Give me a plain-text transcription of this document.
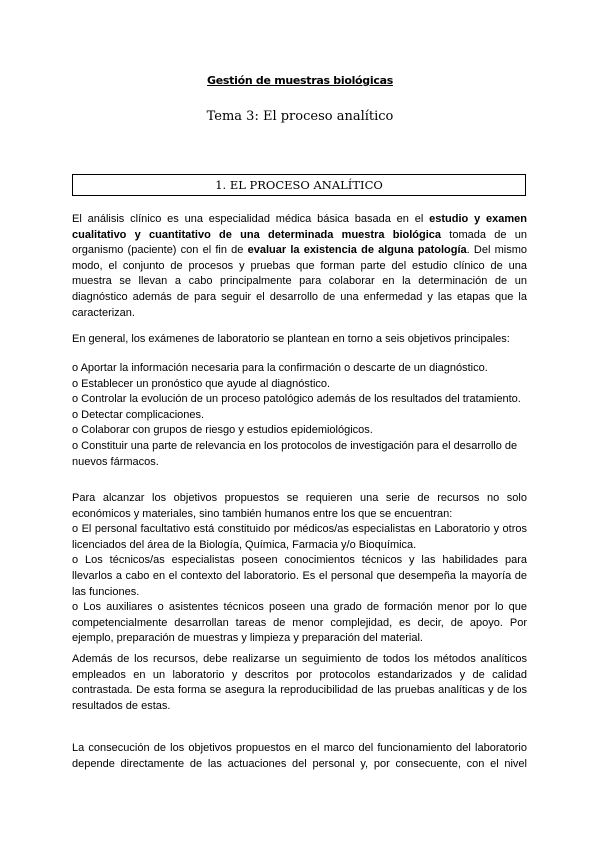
Gestión de muestras biológicas
Tema 3: El proceso analítico
1. EL PROCESO ANALÍTICO

El análisis clínico es una especialidad médica básica basada en el estudio y examen cualitativo y cuantitativo de una determinada muestra biológica tomada de un organismo (paciente) con el fin de evaluar la existencia de alguna patología. Del mismo modo, el conjunto de procesos y pruebas que forman parte del estudio clínico de una muestra se llevan a cabo principalmente para colaborar en la determinación de un diagnóstico además de para seguir el desarrollo de una enfermedad y las etapas que la caracterizan.

En general, los exámenes de laboratorio se plantean en torno a seis objetivos principales:

o Aportar la información necesaria para la confirmación o descarte de un diagnóstico.

o Establecer un pronóstico que ayude al diagnóstico.

o Controlar la evolución de un proceso patológico además de los resultados del tratamiento.

o Detectar complicaciones.

o Colaborar con grupos de riesgo y estudios epidemiológicos.

o Constituir una parte de relevancia en los protocolos de investigación para el desarrollo de nuevos fármacos.

Para alcanzar los objetivos propuestos se requieren una serie de recursos no solo económicos y materiales, sino también humanos entre los que se encuentran:

o El personal facultativo está constituido por médicos/as especialistas en Laboratorio y otros licenciados del área de la Biología, Química, Farmacia y/o Bioquímica.

o Los técnicos/as especialistas poseen conocimientos técnicos y las habilidades para llevarlos a cabo en el contexto del laboratorio. Es el personal que desempeña la mayoría de las funciones.

o Los auxiliares o asistentes técnicos poseen una grado de formación menor por lo que competencialmente desarrollan tareas de menor complejidad, es decir, de apoyo. Por ejemplo, preparación de muestras y limpieza y preparación del material.

Además de los recursos, debe realizarse un seguimiento de todos los métodos analíticos empleados en un laboratorio y descritos por protocolos estandarizados y de calidad contrastada. De esta forma se asegura la reproducibilidad de las pruebas analíticas y de los resultados de estas.

La consecución de los objetivos propuestos en el marco del funcionamiento del laboratorio depende directamente de las actuaciones del personal y, por consecuente, con el nivel
